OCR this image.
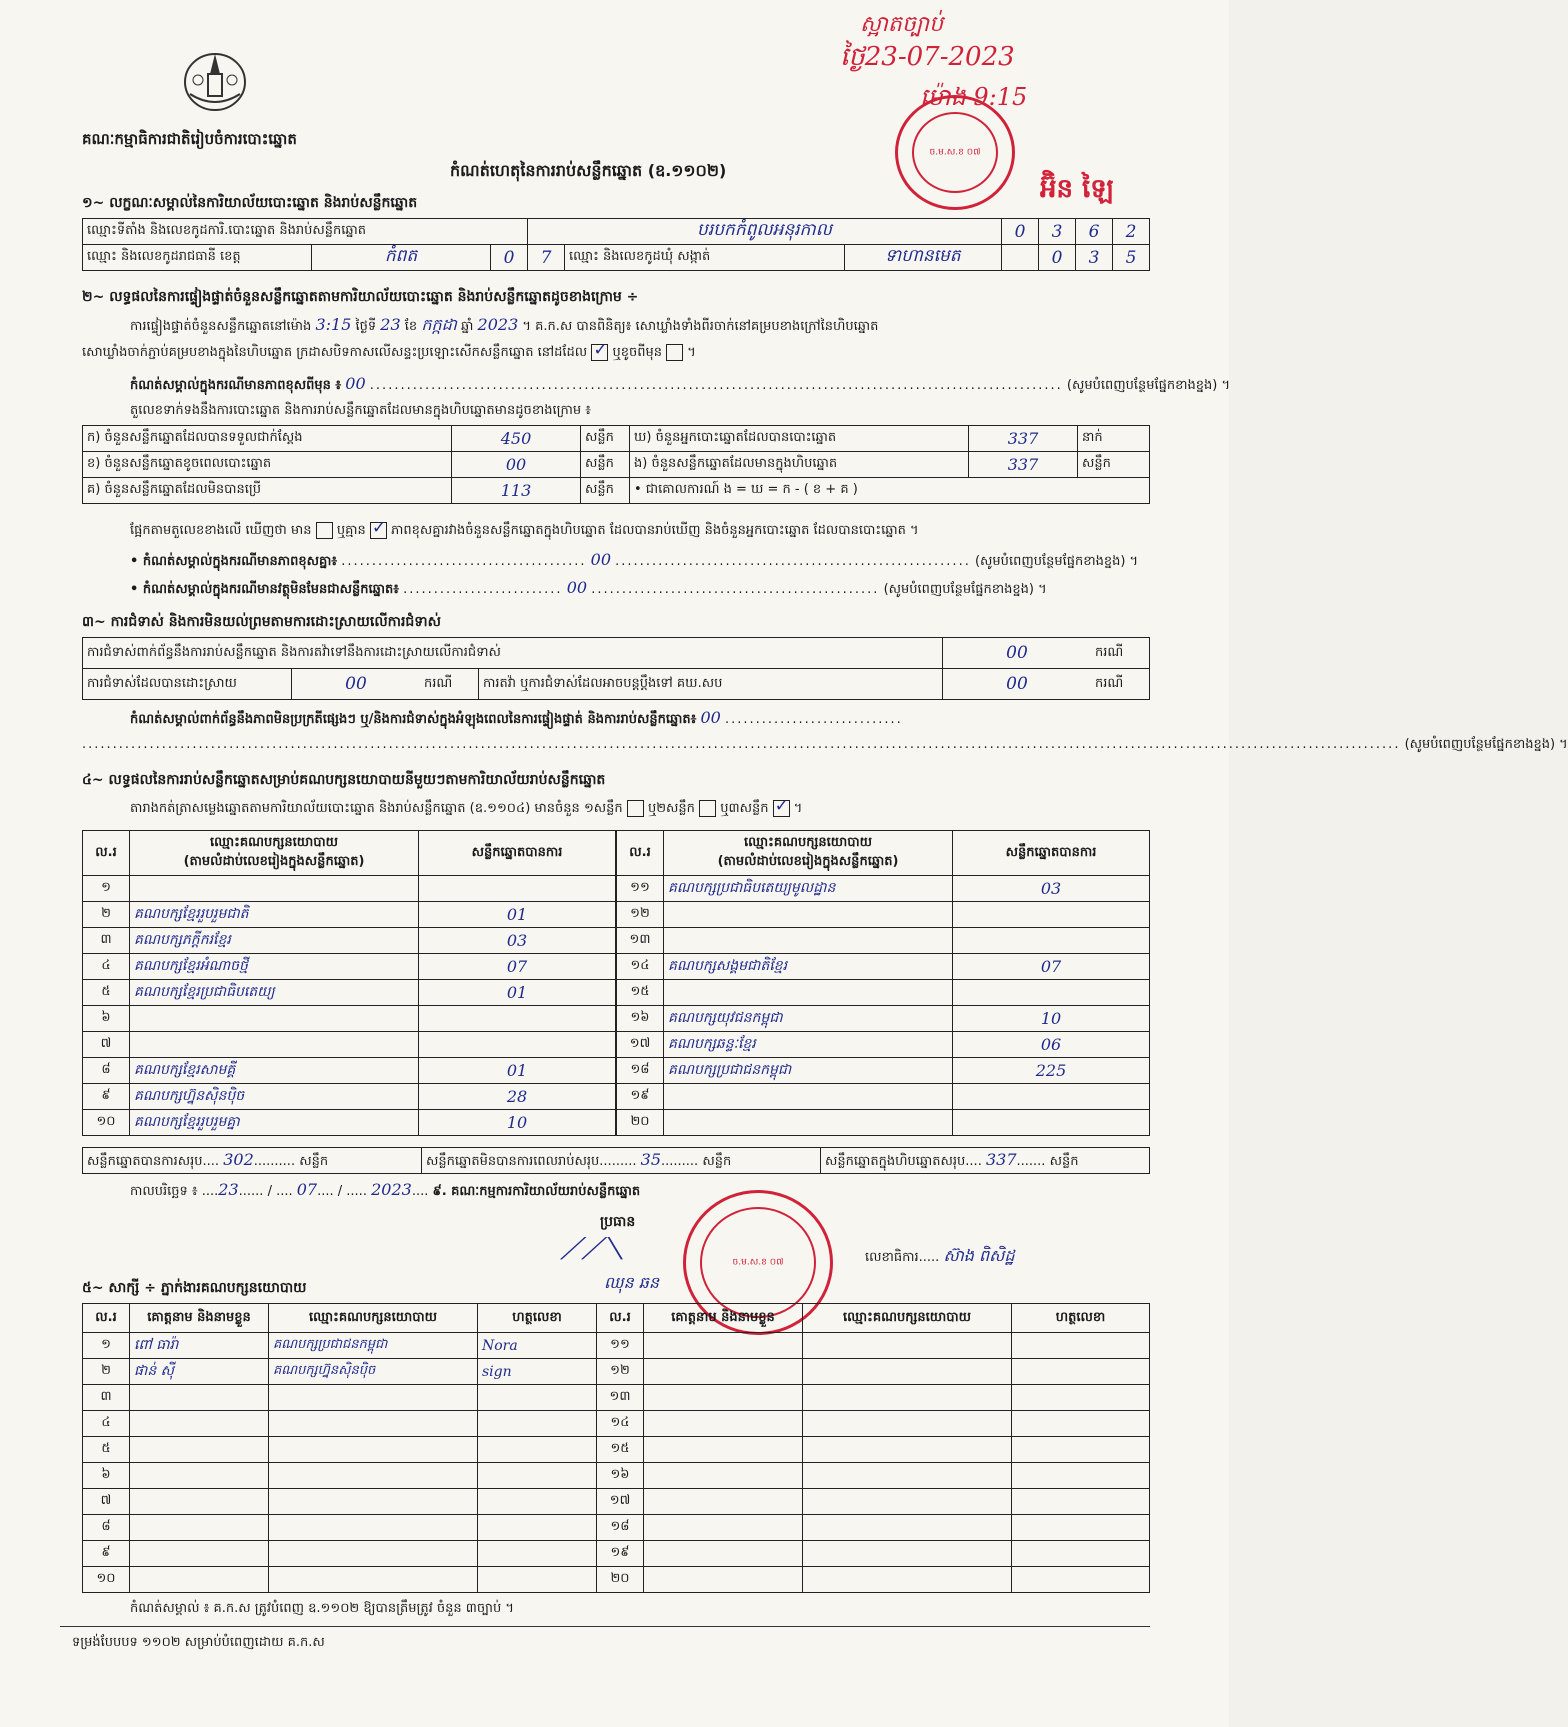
គណៈកម្មាធិការជាតិរៀបចំការបោះឆ្នោត
កំណត់ហេតុនៃការរាប់សន្លឹកឆ្នោត (ឧ.១១០២)
ស្អាតច្បាប់
ថ្ងៃ23-07-2023
ម៉ោង 9:15
អ៊ិន ឡៃ
ច.ម.ស.ខ ០៧
១~ លក្ខណៈសម្គាល់នៃការិយាល័យបោះឆ្នោត និងរាប់សន្លឹកឆ្នោត
ឈ្មោះទីតាំង និងលេខកូដការិ.បោះឆ្នោត និងរាប់សន្លឹកឆ្នោត			បរបកកំពូលអនុរកាល			0	3	6	2
ឈ្មោះ និងលេខកូដរាជធានី ខេត្ត	កំពត	0	7	ឈ្មោះ និងលេខកូដឃុំ សង្កាត់	ទាហានមេត		0	3	5
២~ លទ្ធផលនៃការផ្ទៀងផ្ទាត់ចំនួនសន្លឹកឆ្នោតតាមការិយាល័យបោះឆ្នោត និងរាប់សន្លឹកឆ្នោតដូចខាងក្រោម ÷
ការផ្ទៀងផ្ទាត់ចំនួនសន្លឹកឆ្នោតនៅម៉ោង 3:15 ថ្ងៃទី 23 ខែ កក្កដា ឆ្នាំ 2023 ។ គ.ក.ស បានពិនិត្យ៖ សោឃ្លាំងទាំងពីរចាក់នៅគម្របខាងក្រៅនៃហិបឆ្នោត
សោឃ្លាំងចាក់ភ្ជាប់គម្របខាងក្នុងនៃហិបឆ្នោត ក្រដាសបិទកាសលើសន្ទះប្រឡោះសើកសន្លឹកឆ្នោត នៅដដែល ✓ ឬខូចពីមុន ។
កំណត់សម្គាល់ក្នុងករណីមានភាពខុសពីមុន ៖ 00 ................................................................................................................. (សូមបំពេញបន្ថែមផ្នែកខាងខ្នង) ។
តួលេខទាក់ទងនឹងការបោះឆ្នោត និងការរាប់សន្លឹកឆ្នោតដែលមានក្នុងហិបឆ្នោតមានដូចខាងក្រោម ៖
ក) ចំនួនសន្លឹកឆ្នោតដែលបានទទួលជាក់ស្តែង	450	សន្លឹក	ឃ) ចំនួនអ្នកបោះឆ្នោតដែលបានបោះឆ្នោត	337	នាក់
ខ) ចំនួនសន្លឹកឆ្នោតខូចពេលបោះឆ្នោត	00	សន្លឹក	ង) ចំនួនសន្លឹកឆ្នោតដែលមានក្នុងហិបឆ្នោត	337	សន្លឹក
គ) ចំនួនសន្លឹកឆ្នោតដែលមិនបានប្រើ	113	សន្លឹក	• ជាគោលការណ៍ ង = ឃ = ក - ( ខ + គ )		
ផ្អែកតាមតួលេខខាងលើ ឃើញថា មាន ឬគ្មាន ✓ ភាពខុសគ្នារវាងចំនួនសន្លឹកឆ្នោតក្នុងហិបឆ្នោត ដែលបានរាប់ឃើញ និងចំនួនអ្នកបោះឆ្នោត ដែលបានបោះឆ្នោត ។
• កំណត់សម្គាល់ក្នុងករណីមានភាពខុសគ្នា៖ ........................................ 00 .......................................................... (សូមបំពេញបន្ថែមផ្នែកខាងខ្នង) ។
• កំណត់សម្គាល់ក្នុងករណីមានវត្ថុមិនមែនជាសន្លឹកឆ្នោត៖ .......................... 00 ............................................... (សូមបំពេញបន្ថែមផ្នែកខាងខ្នង) ។
៣~ ការជំទាស់ និងការមិនយល់ព្រមតាមការដោះស្រាយលើការជំទាស់
ការជំទាស់ពាក់ព័ន្ធនឹងការរាប់សន្លឹកឆ្នោត និងការតវ៉ាទៅនឹងការដោះស្រាយលើការជំទាស់				00	ករណី
ការជំទាស់ដែលបានដោះស្រាយ	00	ករណី	ការតវ៉ា ឬការជំទាស់ដែលអាចបន្តប្តឹងទៅ គឃ.សប	00	ករណី
កំណត់សម្គាល់ពាក់ព័ន្ធនឹងភាពមិនប្រក្រតីផ្សេងៗ ឬ/និងការជំទាស់ក្នុងអំឡុងពេលនៃការផ្ទៀងផ្ទាត់ និងការរាប់សន្លឹកឆ្នោត៖ 00 .............................
....................................................................................................................................................................................................................... (សូមបំពេញបន្ថែមផ្នែកខាងខ្នង) ។
៤~ លទ្ធផលនៃការរាប់សន្លឹកឆ្នោតសម្រាប់គណបក្សនយោបាយនីមួយៗតាមការិយាល័យរាប់សន្លឹកឆ្នោត
តារាងកត់ត្រាសម្លេងឆ្នោតតាមការិយាល័យបោះឆ្នោត និងរាប់សន្លឹកឆ្នោត (ឧ.១១០៤) មានចំនួន ១សន្លឹក ឬ២សន្លឹក ឬ៣សន្លឹក ✓ ។
ល.រ	ឈ្មោះគណបក្សនយោបាយ
(តាមលំដាប់លេខរៀងក្នុងសន្លឹកឆ្នោត)	សន្លឹកឆ្នោតបានការ
១		
២	គណបក្សខ្មែររួបរួមជាតិ	01
៣	គណបក្សភក្តីករខ្មែរ	03
៤	គណបក្សខ្មែរអំណាចថ្មី	07
៥	គណបក្សខ្មែរប្រជាធិបតេយ្យ	01
៦		
៧		
៨	គណបក្សខ្មែរសាមគ្គី	01
៩	គណបក្សហ្វ៊ុនស៊ិនប៉ិច	28
១០	គណបក្សខ្មែររួបរួមគ្នា	10
ល.រ	ឈ្មោះគណបក្សនយោបាយ
(តាមលំដាប់លេខរៀងក្នុងសន្លឹកឆ្នោត)	សន្លឹកឆ្នោតបានការ
១១	គណបក្សប្រជាធិបតេយ្យមូលដ្ឋាន	03
១២		
១៣		
១៤	គណបក្សសង្គមជាតិខ្មែរ	07
១៥		
១៦	គណបក្សយុវជនកម្ពុជា	10
១៧	គណបក្សឆន្ទៈខ្មែរ	06
១៨	គណបក្សប្រជាជនកម្ពុជា	225
១៩		
២០		
សន្លឹកឆ្នោតបានការសរុប.... 302.......... សន្លឹក	សន្លឹកឆ្នោតមិនបានការពេលរាប់សរុប......... 35......... សន្លឹក	សន្លឹកឆ្នោតក្នុងហិបឆ្នោតសរុប.... 337....... សន្លឹក
កាលបរិច្ឆេទ ៖ ....23...... / .... 07.... / ..... 2023.... ៩. គណៈកម្មការការិយាល័យរាប់សន្លឹកឆ្នោត
ប្រធាន
⟋⟋⟍
ឈុន ឆន
ច.ម.ស.ខ ០៧	លេខាធិការ..... ស៊ាង ពិសិដ្ឋ
៥~ សាក្សី ÷ ភ្នាក់ងារគណបក្សនយោបាយ
ល.រ	គោត្តនាម និងនាមខ្លួន	ឈ្មោះគណបក្សនយោបាយ	ហត្ថលេខា	ល.រ	គោត្តនាម និងនាមខ្លួន	ឈ្មោះគណបក្សនយោបាយ	ហត្ថលេខា
១	ពៅ ធារ៉ា	គណបក្សប្រជាជនកម្ពុជា	Nora	១១			
២	ផាន់ ស៊ី	គណបក្សហ្វ៊ុនស៊ិនប៉ិច	sign	១២			
៣				១៣			
៤				១៤			
៥				១៥			
៦				១៦			
៧				១៧			
៨				១៨			
៩				១៩			
១០				២០			
កំណត់សម្គាល់ ៖ គ.ក.ស ត្រូវបំពេញ ឧ.១១០២ ឱ្យបានត្រឹមត្រូវ ចំនួន ៣ច្បាប់ ។
ទម្រង់បែបបទ ១១០២ សម្រាប់បំពេញដោយ គ.ក.ស
